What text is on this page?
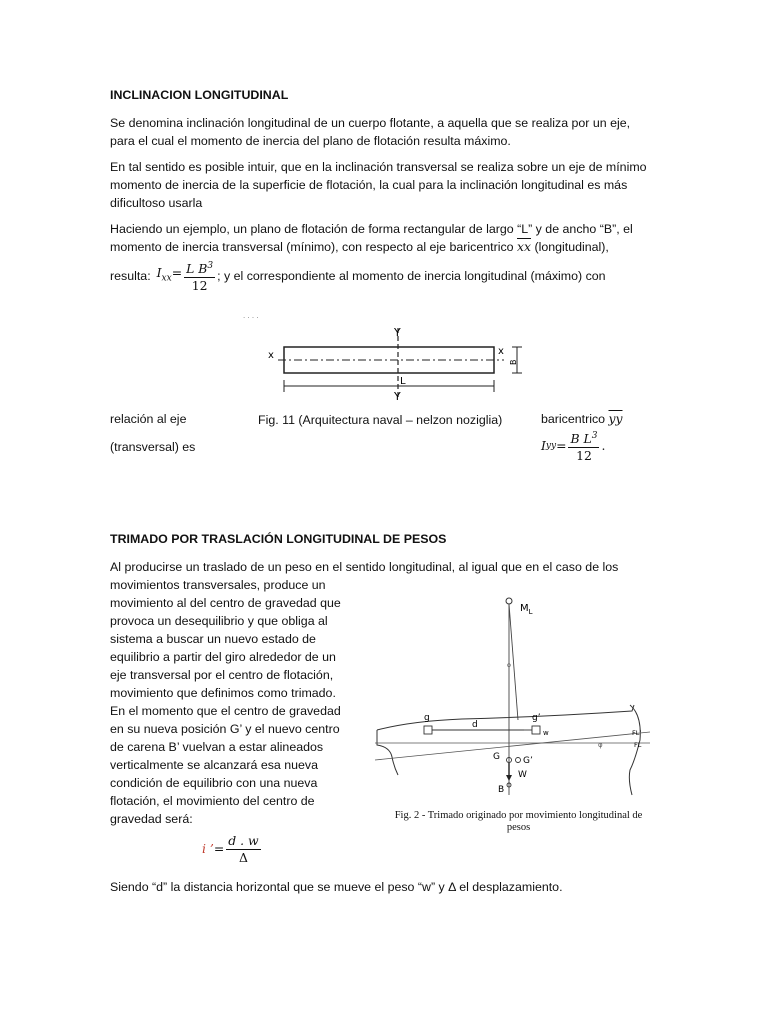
INCLINACION LONGITUDINAL

Se denomina inclinación longitudinal de un cuerpo flotante, a aquella que se realiza por un eje, para el cual el momento de inercia del plano de flotación resulta máximo.

En tal sentido es posible intuir, que en la inclinación transversal se realiza sobre un eje de mínimo momento de inercia de la superficie de flotación, la cual para la inclinación longitudinal es más dificultoso usarla

Haciendo un ejemplo, un plano de flotación de forma rectangular de largo “L” y de ancho “B”, el momento de inercia transversal (mínimo), con respecto al eje baricentrico $\overline{xx}$ (longitudinal),

resulta: $I_{xx}= \frac{L B^3}{12}$ ; y el correspondiente al momento de inercia longitudinal (máximo) con
· · · ·
Y
x	x
B
L
Y
relación al eje	Fig. 11 (Arquitectura naval – nelzon noziglia)	baricentrico $\overline{yy}$
(transversal) es	I yy = $\frac{B L^3}{12}$ .
TRIMADO POR TRASLACIÓN LONGITUDINAL DE PESOS
Al producirse un traslado de un peso en el sentido longitudinal, al igual que en el caso de los
movimientos transversales, produce un
movimiento al del centro de gravedad que
provoca un desequilibrio y que obliga al
sistema a buscar un nuevo estado de
equilibrio a partir del giro alrededor de un
eje transversal por el centro de flotación,
movimiento que definimos como trimado.
En el momento que el centro de gravedad
en su nueva posición G’ y el nuevo centro
de carena B’ vuelvan a estar alineados
verticalmente se alcanzará esa nueva
condición de equilibrio con una nueva
flotación, el movimiento del centro de
gravedad será:
$M_L$
φ
FL’
FL
φ
g
d
g’
w
G	G’
W
B
Fig. 2 - Trimado originado por movimiento longitudinal de
pesos
i ’ = $\frac{d . w}{\Delta}$
Siendo “d” la distancia horizontal que se mueve el peso “w” y Δ el desplazamiento.
